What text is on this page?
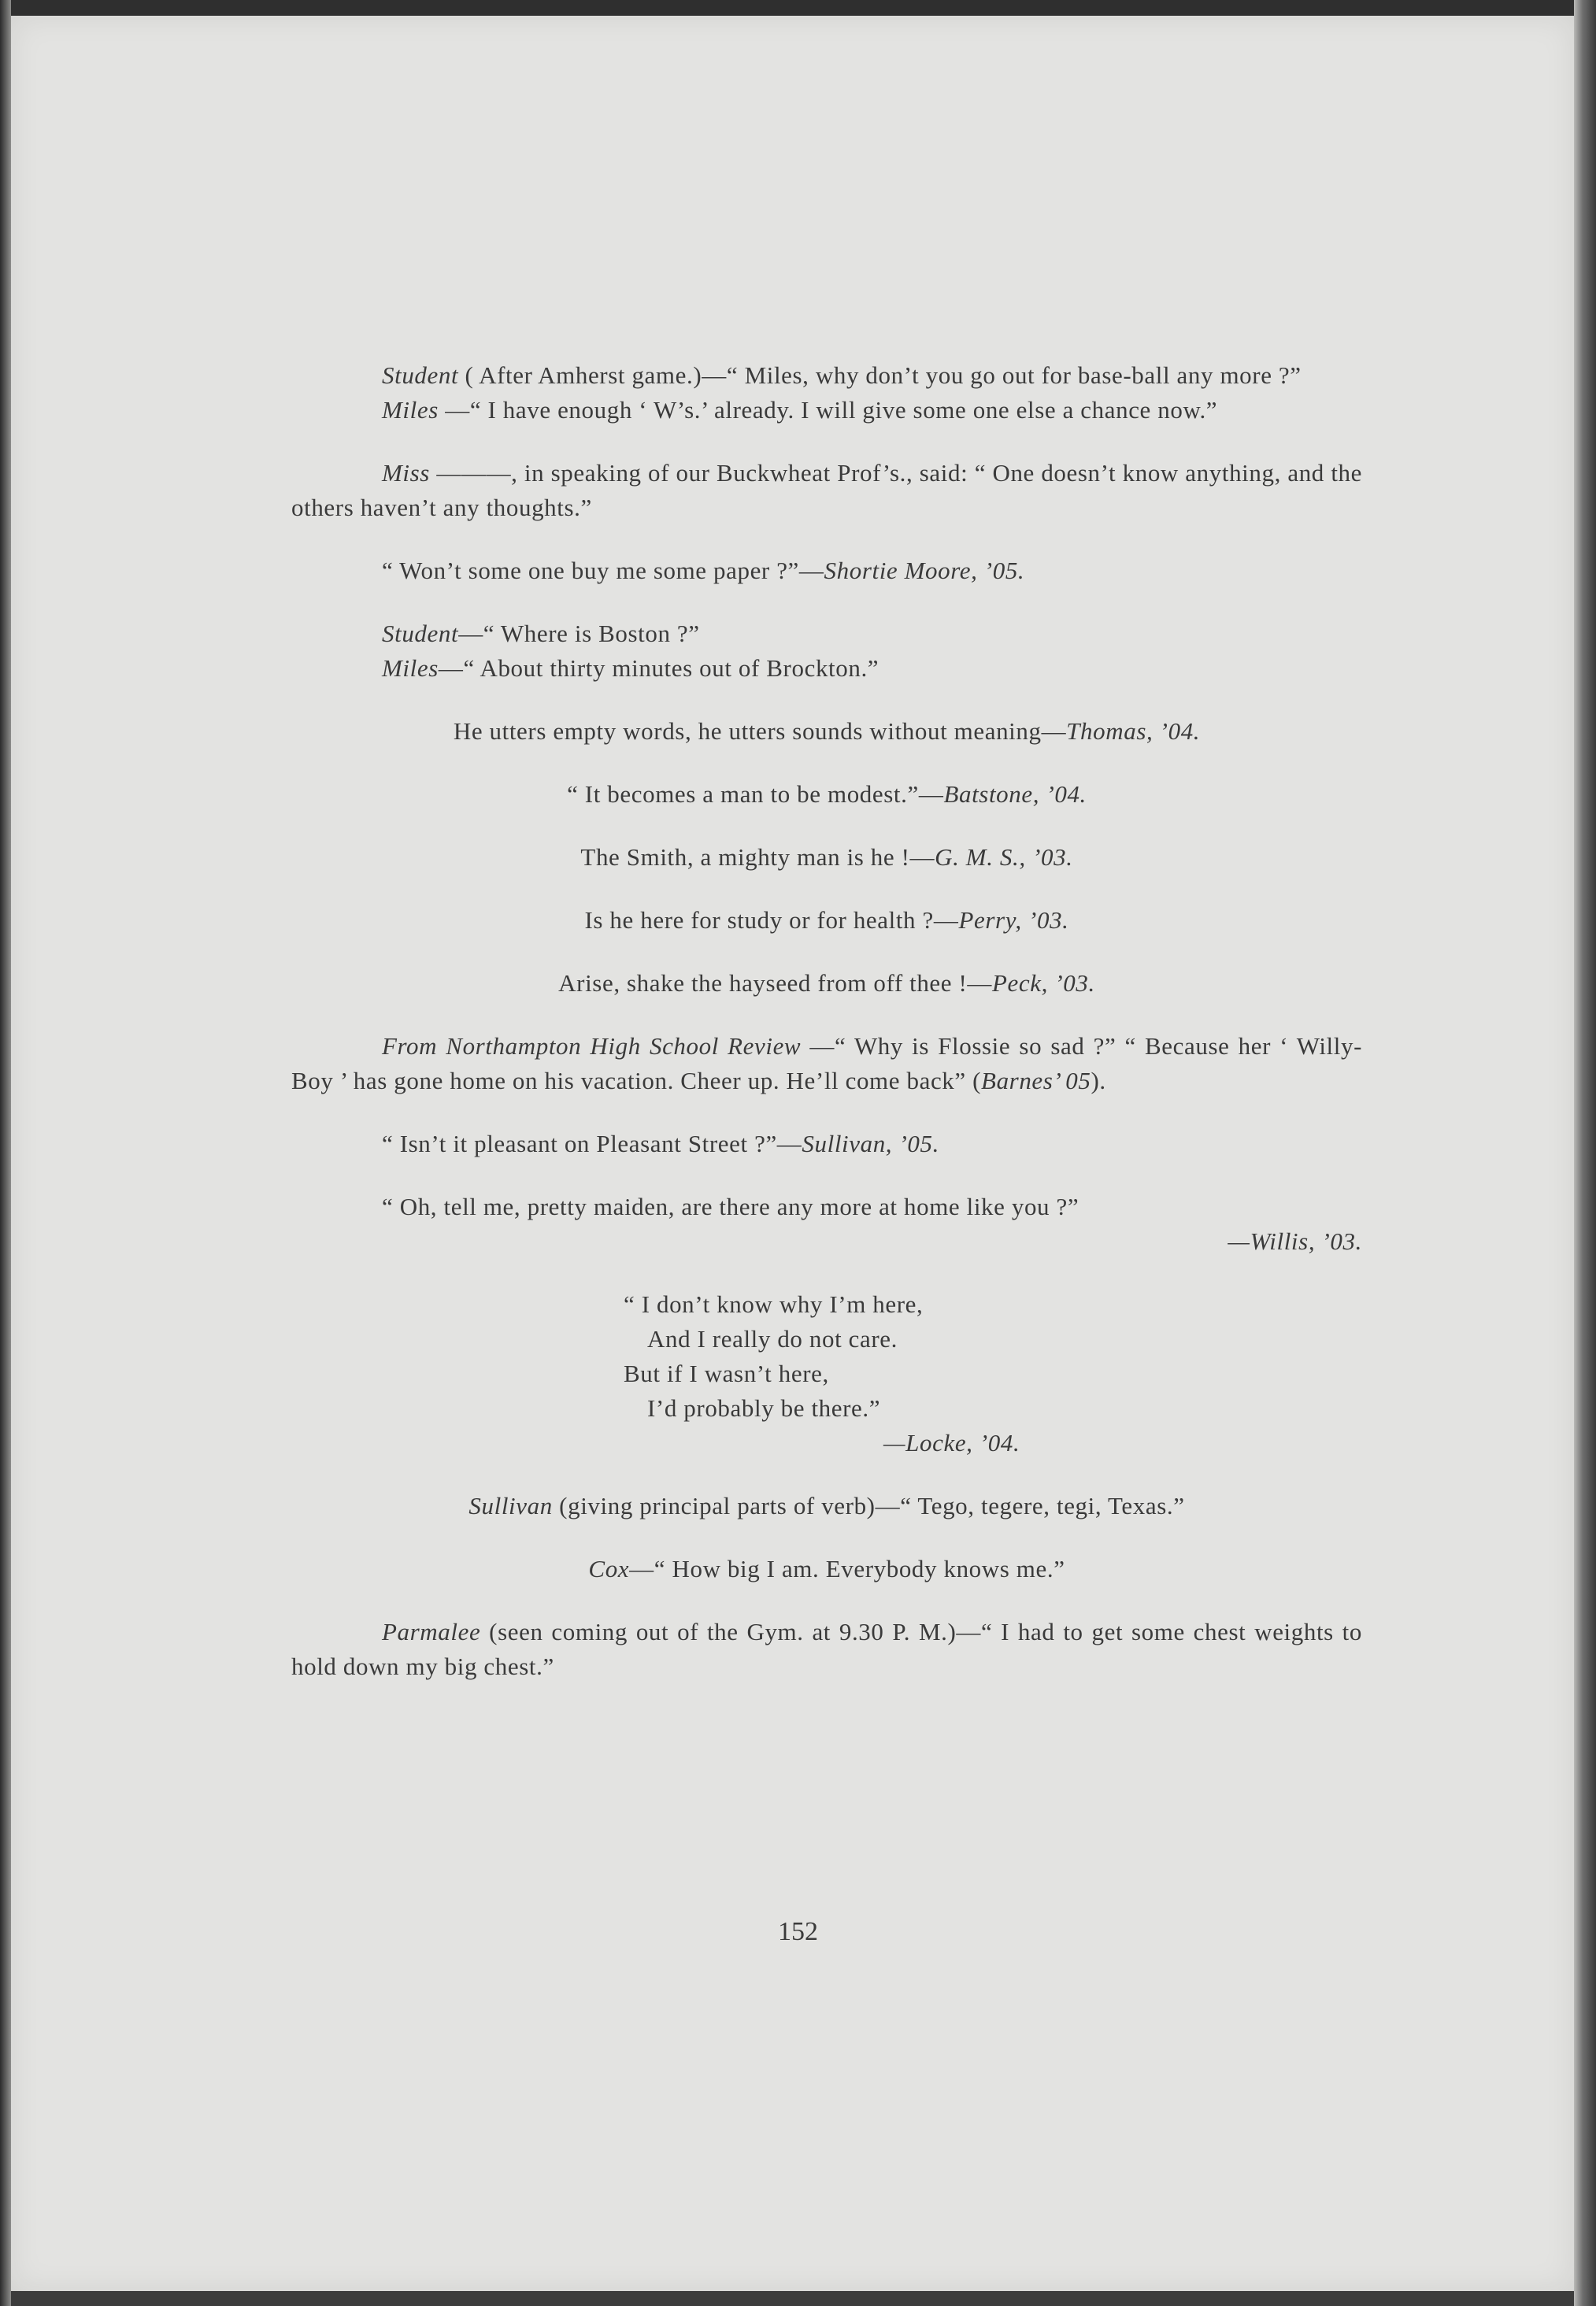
Student ( After Amherst game.)—“ Miles, why don’t you go out for base-ball any more ?”

Miles —“ I have enough ‘ W’s.’ already. I will give some one else a chance now.”

Miss ———, in speaking of our Buckwheat Prof’s., said: “ One doesn’t know anything, and the others haven’t any thoughts.”

“ Won’t some one buy me some paper ?”—Shortie Moore, ’05.

Student—“ Where is Boston ?”

Miles—“ About thirty minutes out of Brockton.”

He utters empty words, he utters sounds without meaning—Thomas, ’04.

“ It becomes a man to be modest.”—Batstone, ’04.

The Smith, a mighty man is he !—G. M. S., ’03.

Is he here for study or for health ?—Perry, ’03.

Arise, shake the hayseed from off thee !—Peck, ’03.

From Northampton High School Review —“ Why is Flossie so sad ?” “ Because her ‘ Willy-Boy ’ has gone home on his vacation. Cheer up. He’ll come back” (Barnes’ 05).

“ Isn’t it pleasant on Pleasant Street ?”—Sullivan, ’05.

“ Oh, tell me, pretty maiden, are there any more at home like you ?”

—Willis, ’03.

“ I don’t know why I’m here,

And I really do not care.

But if I wasn’t here,

I’d probably be there.”

—Locke, ’04.

Sullivan (giving principal parts of verb)—“ Tego, tegere, tegi, Texas.”

Cox—“ How big I am. Everybody knows me.”

Parmalee (seen coming out of the Gym. at 9.30 P. M.)—“ I had to get some chest weights to hold down my big chest.”

152
